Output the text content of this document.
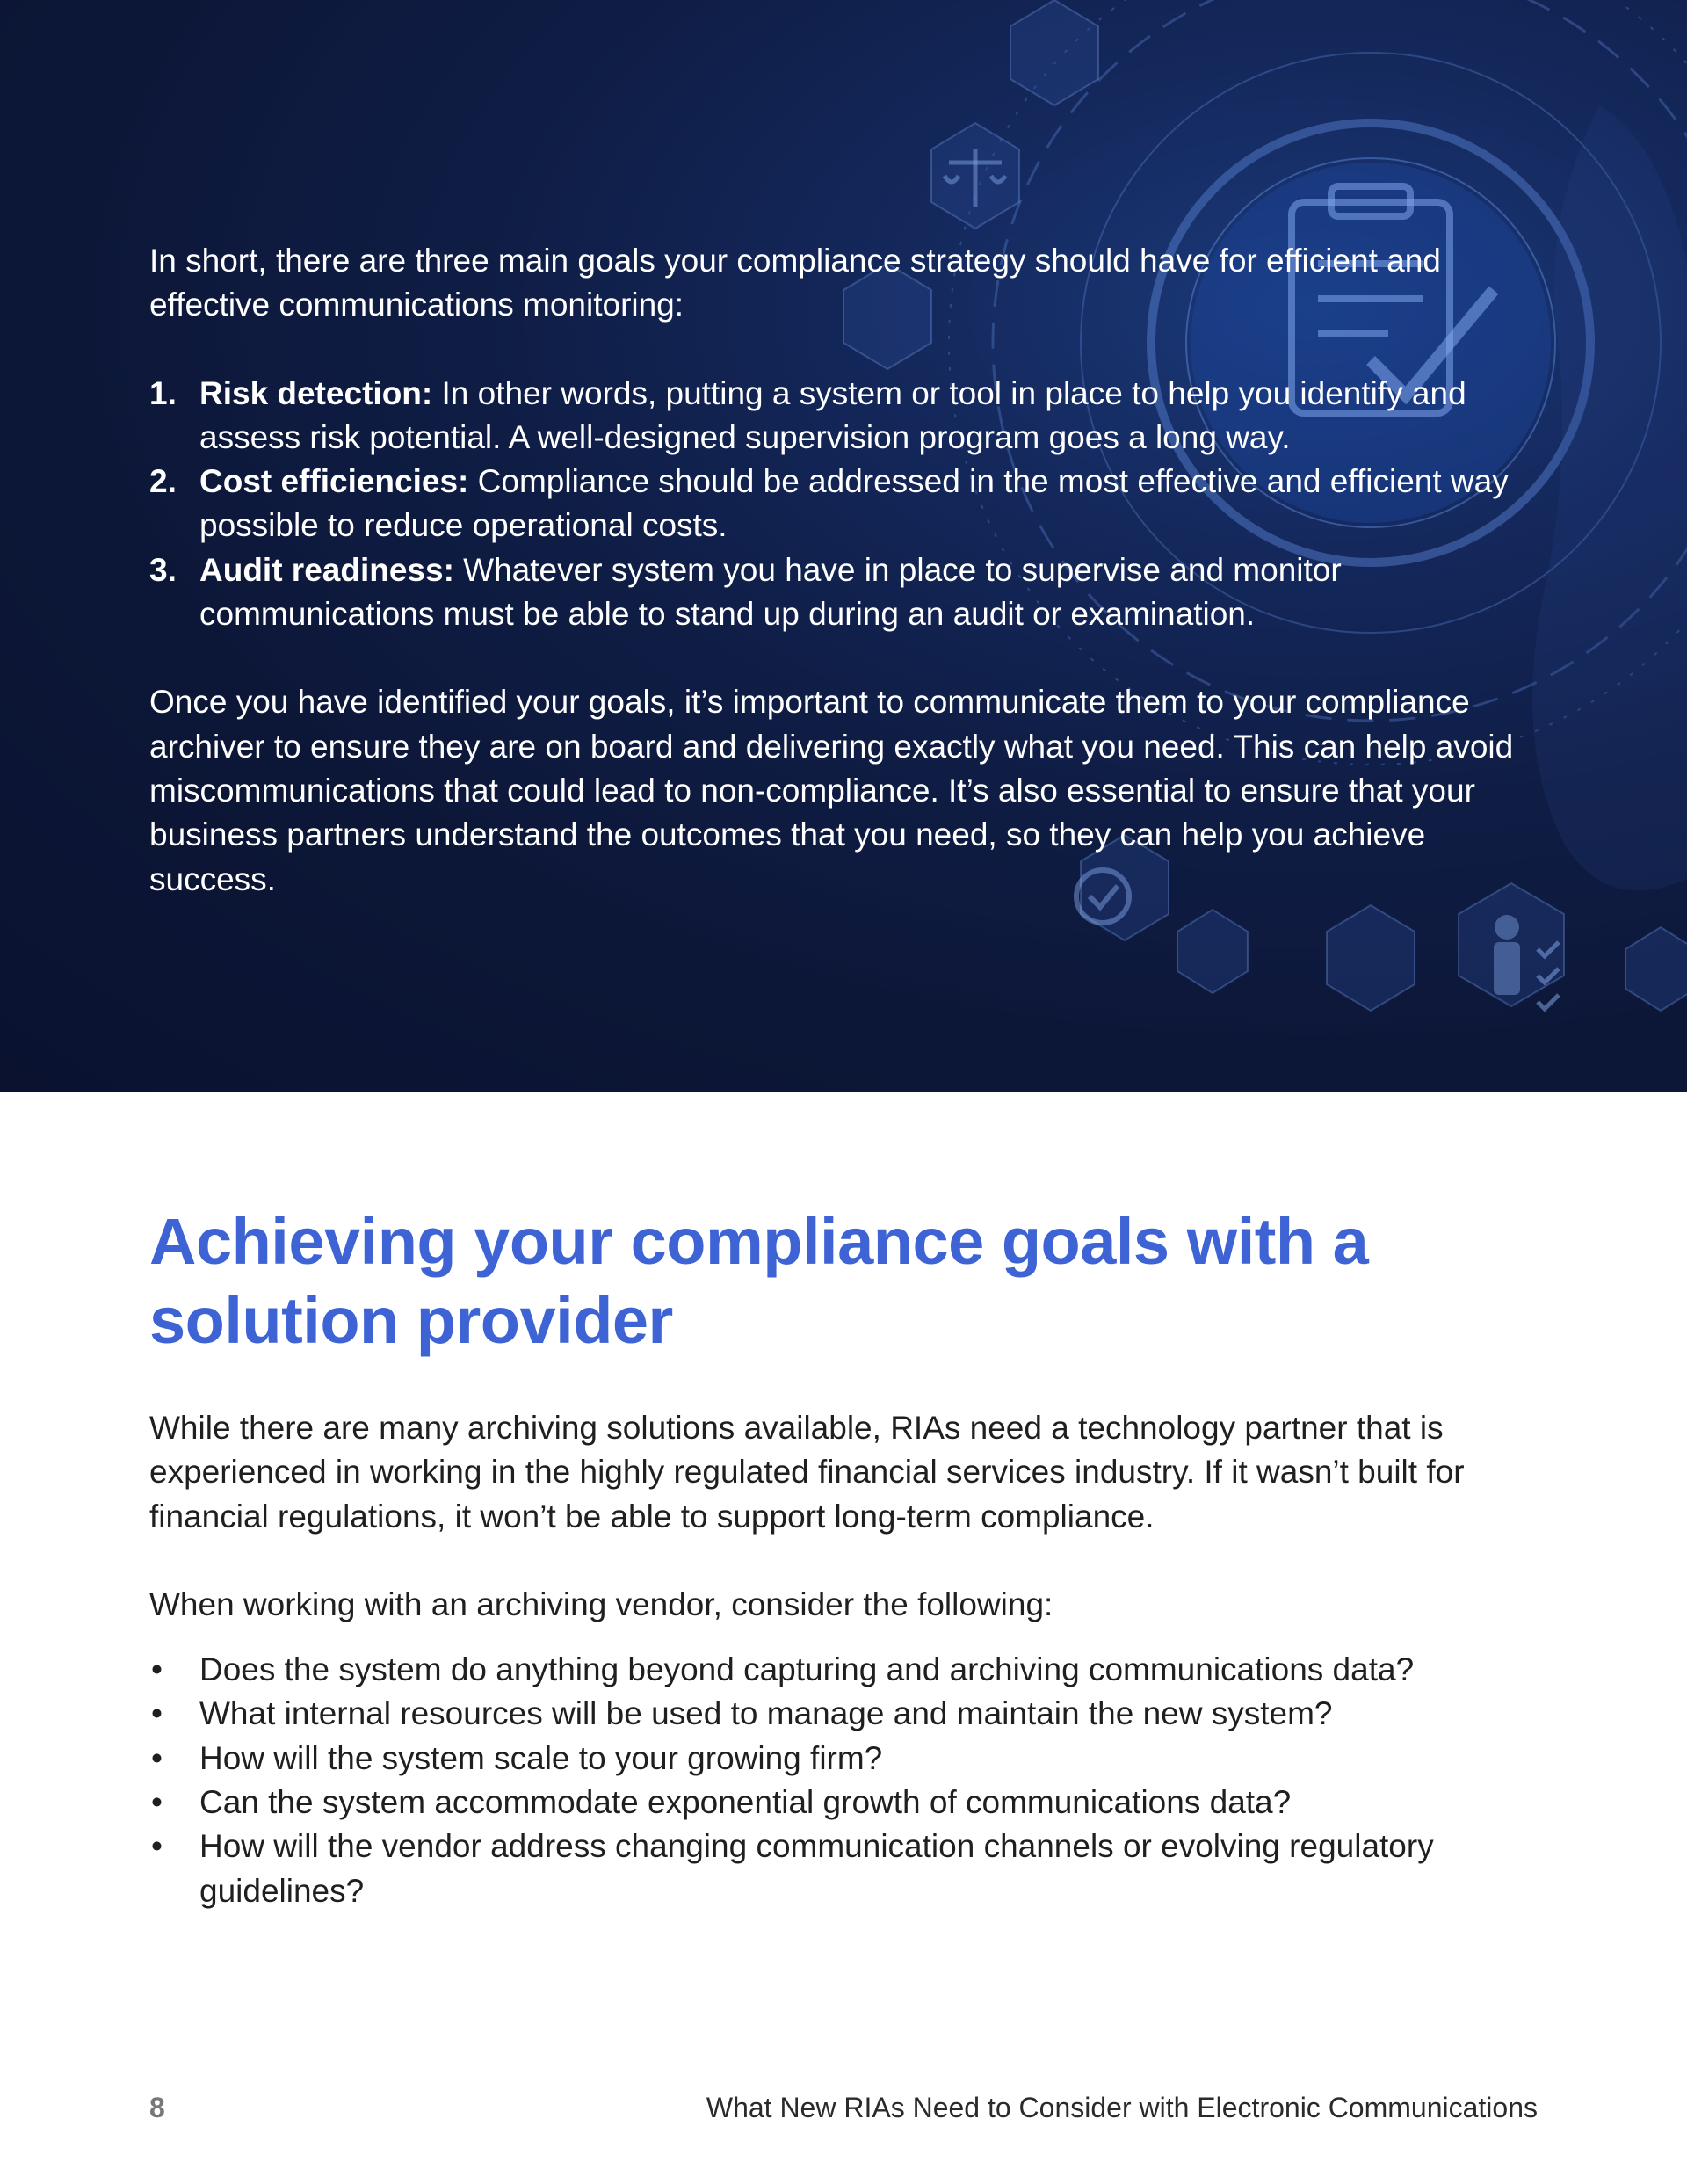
In short, there are three main goals your compliance strategy should have for efficient and effective communications monitoring:

1. Risk detection: In other words, putting a system or tool in place to help you identify and assess risk potential. A well-designed supervision program goes a long way.
2. Cost efficiencies: Compliance should be addressed in the most effective and efficient way possible to reduce operational costs.
3. Audit readiness: Whatever system you have in place to supervise and monitor communications must be able to stand up during an audit or examination.

Once you have identified your goals, it’s important to communicate them to your compliance archiver to ensure they are on board and delivering exactly what you need. This can help avoid miscommunications that could lead to non-compliance. It’s also essential to ensure that your business partners understand the outcomes that you need, so they can help you achieve success.

Achieving your compliance goals with a solution provider

While there are many archiving solutions available, RIAs need a technology partner that is experienced in working in the highly regulated financial services industry. If it wasn’t built for financial regulations, it won’t be able to support long-term compliance.

When working with an archiving vendor, consider the following:

• Does the system do anything beyond capturing and archiving communications data?
• What internal resources will be used to manage and maintain the new system?
• How will the system scale to your growing firm?
• Can the system accommodate exponential growth of communications data?
• How will the vendor address changing communication channels or evolving regulatory guidelines?
8	What New RIAs Need to Consider with Electronic Communications
